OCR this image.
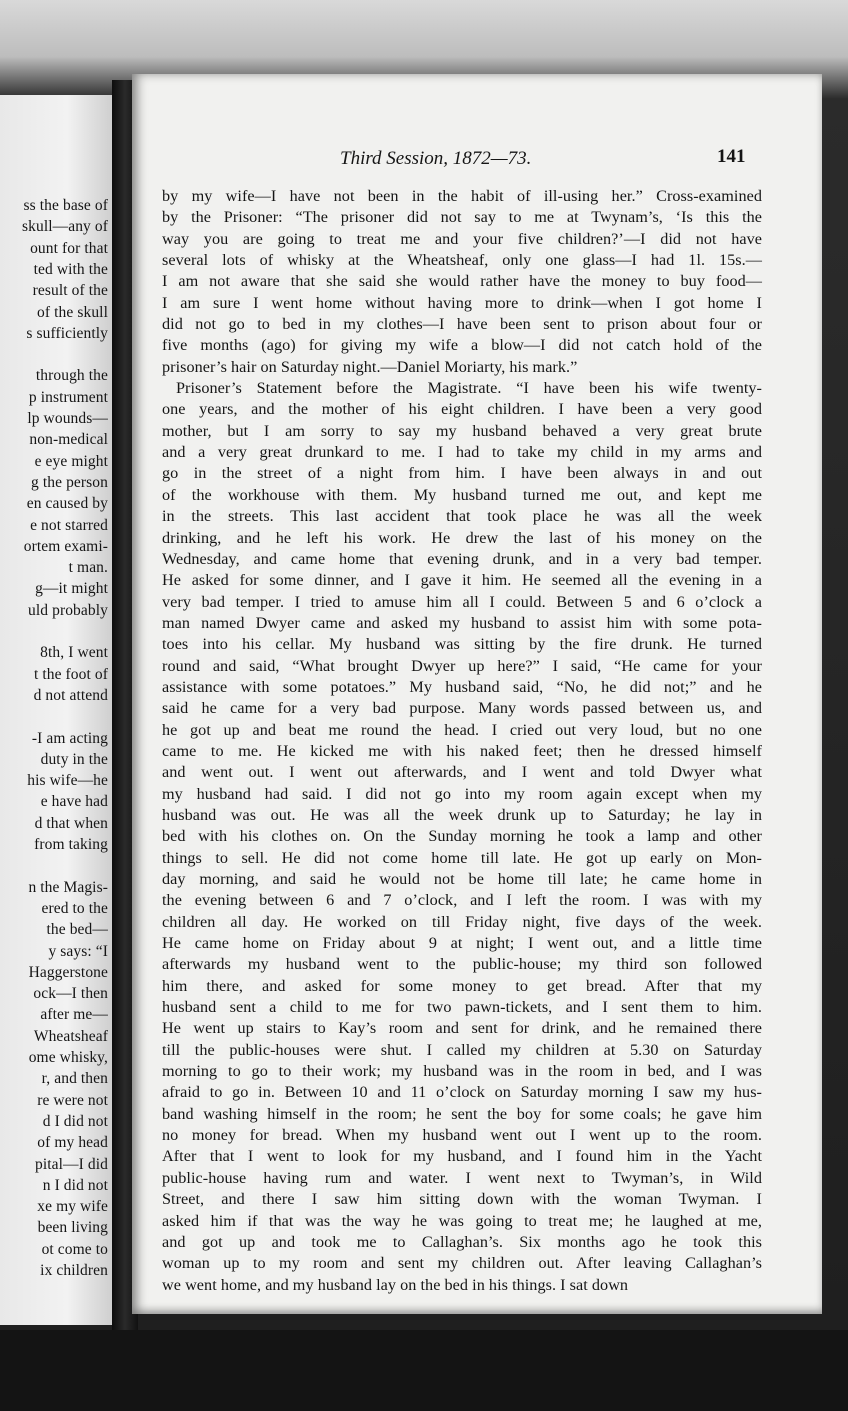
ss the base of
skull—any of
ount for that
ted with the
result of the
of the skull
s sufficiently
through the
p instrument
lp wounds—
non-medical
e eye might
g the person
en caused by
e not starred
ortem exami-
t man.
g—it might
uld probably
8th, I went
t the foot of
d not attend
-I am acting
duty in the
his wife—he
e have had
d that when
from taking
n the Magis-
ered to the
the bed—
y says: “I
Haggerstone
ock—I then
after me—
Wheatsheaf
ome whisky,
r, and then
re were not
d I did not
of my head
pital—I did
n I did not
xe my wife
been living
ot come to
ix children
Third Session, 1872—73.	141
by my wife—I have not been in the habit of ill-using her.” Cross-examined
by the Prisoner: “The prisoner did not say to me at Twynam’s, ‘Is this the
way you are going to treat me and your five children?’—I did not have
several lots of whisky at the Wheatsheaf, only one glass—I had 1l. 15s.—
I am not aware that she said she would rather have the money to buy food—
I am sure I went home without having more to drink—when I got home I
did not go to bed in my clothes—I have been sent to prison about four or
five months (ago) for giving my wife a blow—I did not catch hold of the
prisoner’s hair on Saturday night.—Daniel Moriarty, his mark.”
Prisoner’s Statement before the Magistrate. “I have been his wife twenty-
one years, and the mother of his eight children. I have been a very good
mother, but I am sorry to say my husband behaved a very great brute
and a very great drunkard to me. I had to take my child in my arms and
go in the street of a night from him. I have been always in and out
of the workhouse with them. My husband turned me out, and kept me
in the streets. This last accident that took place he was all the week
drinking, and he left his work. He drew the last of his money on the
Wednesday, and came home that evening drunk, and in a very bad temper.
He asked for some dinner, and I gave it him. He seemed all the evening in a
very bad temper. I tried to amuse him all I could. Between 5 and 6 o’clock a
man named Dwyer came and asked my husband to assist him with some pota-
toes into his cellar. My husband was sitting by the fire drunk. He turned
round and said, “What brought Dwyer up here?” I said, “He came for your
assistance with some potatoes.” My husband said, “No, he did not;” and he
said he came for a very bad purpose. Many words passed between us, and
he got up and beat me round the head. I cried out very loud, but no one
came to me. He kicked me with his naked feet; then he dressed himself
and went out. I went out afterwards, and I went and told Dwyer what
my husband had said. I did not go into my room again except when my
husband was out. He was all the week drunk up to Saturday; he lay in
bed with his clothes on. On the Sunday morning he took a lamp and other
things to sell. He did not come home till late. He got up early on Mon-
day morning, and said he would not be home till late; he came home in
the evening between 6 and 7 o’clock, and I left the room. I was with my
children all day. He worked on till Friday night, five days of the week.
He came home on Friday about 9 at night; I went out, and a little time
afterwards my husband went to the public-house; my third son followed
him there, and asked for some money to get bread. After that my
husband sent a child to me for two pawn-tickets, and I sent them to him.
He went up stairs to Kay’s room and sent for drink, and he remained there
till the public-houses were shut. I called my children at 5.30 on Saturday
morning to go to their work; my husband was in the room in bed, and I was
afraid to go in. Between 10 and 11 o’clock on Saturday morning I saw my hus-
band washing himself in the room; he sent the boy for some coals; he gave him
no money for bread. When my husband went out I went up to the room.
After that I went to look for my husband, and I found him in the Yacht
public-house having rum and water. I went next to Twyman’s, in Wild
Street, and there I saw him sitting down with the woman Twyman. I
asked him if that was the way he was going to treat me; he laughed at me,
and got up and took me to Callaghan’s. Six months ago he took this
woman up to my room and sent my children out. After leaving Callaghan’s
we went home, and my husband lay on the bed in his things. I sat down
